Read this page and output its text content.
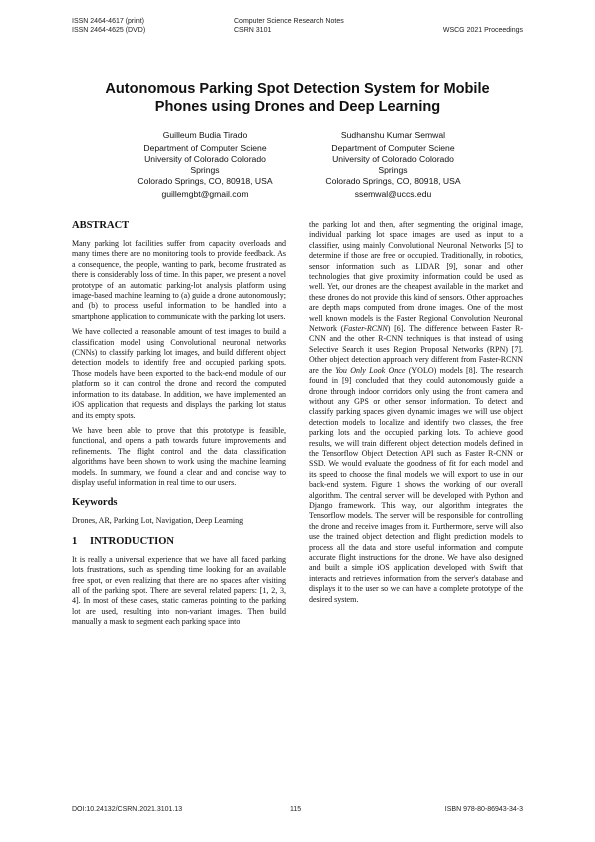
ISSN 2464-4617 (print)
ISSN 2464-4625 (DVD)
Computer Science Research Notes
CSRN 3101	WSCG 2021 Proceedings
Autonomous Parking Spot Detection System for Mobile
Phones using Drones and Deep Learning
Guilleum Budia Tirado
Department of Computer Sciene
University of Colorado Colorado
Springs
Colorado Springs, CO, 80918, USA
guillemgbt@gmail.com
Sudhanshu Kumar Semwal
Department of Computer Sciene
University of Colorado Colorado
Springs
Colorado Springs, CO, 80918, USA
ssemwal@uccs.edu
ABSTRACT

Many parking lot facilities suffer from capacity overloads and many times there are no monitoring tools to provide feedback. As a consequence, the people, wanting to park, become frustrated as there is considerably loss of time. In this paper, we present a novel prototype of an automatic parking-lot analysis platform using image-based machine learning to (a) guide a drone autonomously; and (b) to process useful information to be handled into a smartphone application to communicate with the parking lot users.

We have collected a reasonable amount of test images to build a classification model using Convolutional neuronal networks (CNNs) to classify parking lot images, and build different object detection models to identify free and occupied parking spots. Those models have been exported to the back-end module of our platform so it can control the drone and record the computed information to its database. In addition, we have implemented an iOS application that requests and displays the parking lot status and its empty spots.

We have been able to prove that this prototype is feasible, functional, and opens a path towards future improvements and refinements. The flight control and the data classification algorithms have been shown to work using the machine learning models. In summary, we found a clear and and concise way to display useful information in real time to our users.

Keywords

Drones, AR, Parking Lot, Navigation, Deep Learning

1 INTRODUCTION

It is really a universal experience that we have all faced parking lots frustrations, such as spending time looking for an available free spot, or even realizing that there are no spaces after visiting all of the parking spot. There are several related papers: [1, 2, 3, 4]. In most of these cases, static cameras pointing to the parking lot are used, resulting into non-variant images. Then build manually a mask to segment each parking space into

the parking lot and then, after segmenting the original image, individual parking lot space images are used as input to a classifier, using mainly Convolutional Neuronal Networks [5] to determine if those are free or occupied. Traditionally, in robotics, sensor information such as LIDAR [9], sonar and other technologies that give proximity information could be used as well. Yet, our drones are the cheapest available in the market and these drones do not provide this kind of sensors. Other approaches are depth maps computed from drone images. One of the most well known models is the Faster Regional Convolution Neuronal Network (Faster-RCNN) [6]. The difference between Faster R-CNN and the other R-CNN techniques is that instead of using Selective Search it uses Region Proposal Networks (RPN) [7]. Other object detection approach very different from Faster-RCNN are the You Only Look Once (YOLO) models [8]. The research found in [9] concluded that they could autonomously guide a drone through indoor corridors only using the front camera and without any GPS or other sensor information. To detect and classify parking spaces given dynamic images we will use object detection models to localize and identify two classes, the free parking lots and the occupied parking lots. To achieve good results, we will train different object detection models defined in the Tensorflow Object Detection API such as Faster R-CNN or SSD. We would evaluate the goodness of fit for each model and its speed to choose the final models we will export to use in our back-end system. Figure 1 shows the working of our overall algorithm. The central server will be developed with Python and Django framework. This way, our algorithm integrates the Tensorflow models. The server will be responsible for controlling the drone and receive images from it. Furthermore, serve will also use the trained object detection and flight prediction models to process all the data and store useful information and compute accurate flight instructions for the drone. We have also designed and built a simple iOS application developed with Swift that interacts and retrieves information from the server's database and displays it to the user so we can have a complete prototype of the desired system.

DOI:10.24132/CSRN.2021.3101.13	115	ISBN 978-80-86943-34-3
